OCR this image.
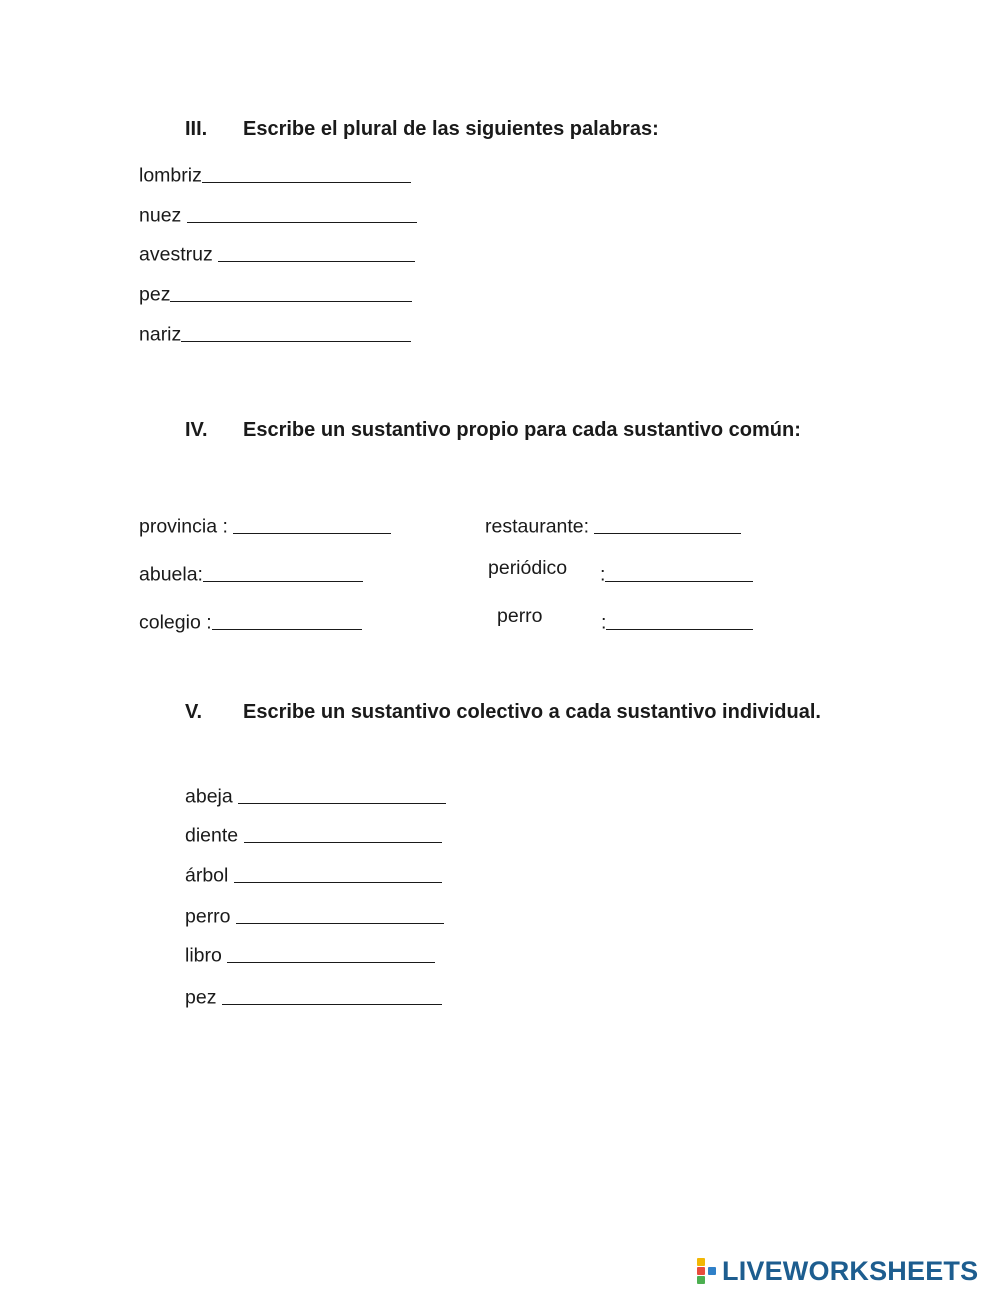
III. Escribe el plural de las siguientes palabras:
lombriz
nuez
avestruz
pez
nariz
IV. Escribe un sustantivo propio para cada sustantivo común:
provincia :
abuela:
colegio :
restaurante:
periódico :
perro	:
V. Escribe un sustantivo colectivo a cada sustantivo individual.
abeja
diente
árbol
perro
libro
pez
LIVEWORKSHEETS
